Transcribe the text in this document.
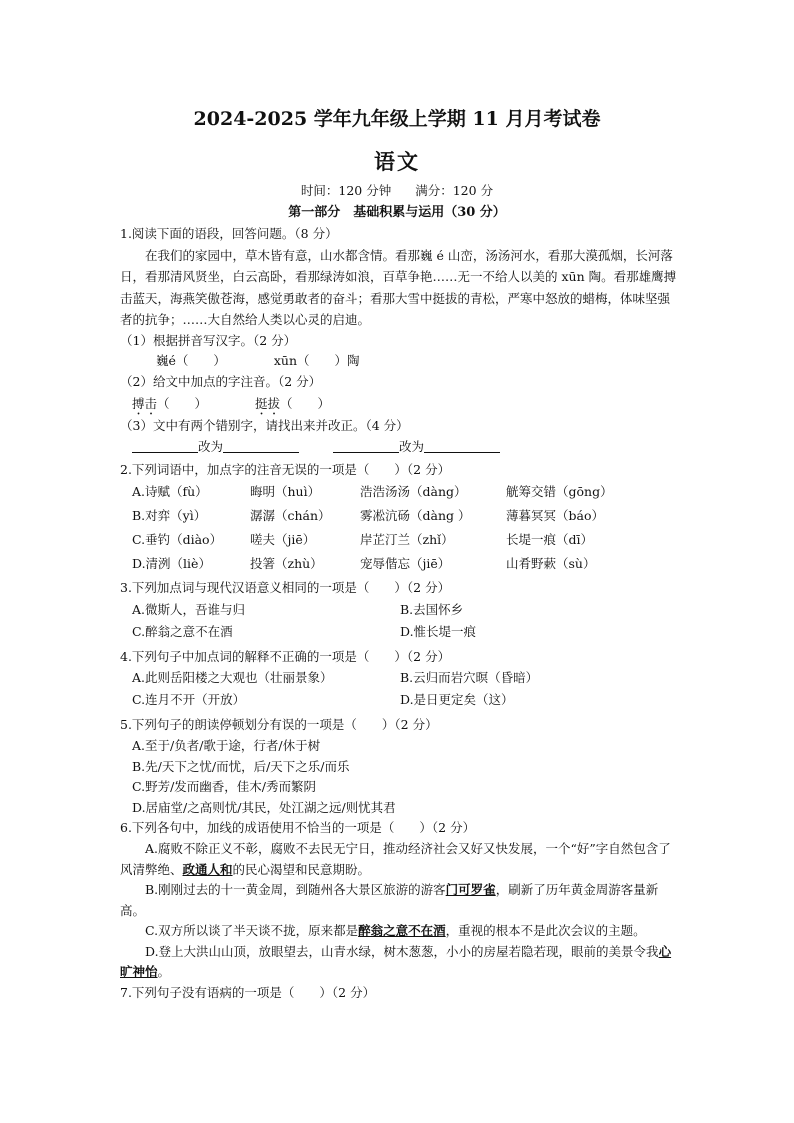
2024-2025 学年九年级上学期 11 月月考试卷
语文
时间：120 分钟 满分：120 分
第一部分　基础积累与运用（30 分）
1.阅读下面的语段，回答问题。（8 分）
在我们的家园中，草木皆有意，山水都含情。看那巍 é 山峦，汤汤河水，看那大漠孤烟，长河落日，看那清风贤坐，白云高卧，看那绿涛如浪，百草争艳……无一不给人以美的 xūn 陶。看那雄鹰搏击蓝天，海燕笑傲苍海，感觉勇敢者的奋斗；看那大雪中挺拔的青松，严寒中怒放的蜡梅，体味坚强者的抗争；……大自然给人类以心灵的启迪。
（1）根据拼音写汉字。（2 分）
巍é（　　）	xūn（　　）陶
（2）给文中加点的字注音。（2 分）
搏击（　　）	挺拔（　　）
（3）文中有两个错别字，请找出来并改正。（4 分）
改为	改为
2.下列词语中，加点字的注音无误的一项是（　　）（2 分）
A.诗赋（fù）	晦明（huì）	浩浩汤汤（dàng）	觥筹交错（gōng）
B.对弈（yì）	潺潺（chán）	雾凇沆砀（dàng ）	薄暮冥冥（báo）
C.垂钓（diào）	嗟夫（jiē）	岸芷汀兰（zhǐ）	长堤一痕（dī）
D.清洌（liè）	投箸（zhù）	宠辱偕忘（jiē）	山肴野蔌（sù）
3.下列加点词与现代汉语意义相同的一项是（　　）（2 分）
A.微斯人，吾谁与归	B.去国怀乡
C.醉翁之意不在酒	D.惟长堤一痕
4.下列句子中加点词的解释不正确的一项是（　　）（2 分）
A.此则岳阳楼之大观也（壮丽景象）	B.云归而岩穴暝（昏暗）
C.连月不开（开放）	D.是日更定矣（这）
5.下列句子的朗读停顿划分有误的一项是（　　）（2 分）
A.至于/负者/歌于途，行者/休于树
B.先/天下之忧/而忧，后/天下之乐/而乐
C.野芳/发而幽香，佳木/秀而繁阴
D.居庙堂/之高则忧/其民，处江湖之远/则忧其君
6.下列各句中，加线的成语使用不恰当的一项是（　　）（2 分）
A.腐败不除正义不彰，腐败不去民无宁日，推动经济社会又好又快发展，一个“好”字自然包含了风清弊绝、政通人和的民心渴望和民意期盼。
B.刚刚过去的十一黄金周，到随州各大景区旅游的游客门可罗雀，刷新了历年黄金周游客量新高。
C.双方所以谈了半天谈不拢，原来都是醉翁之意不在酒，重视的根本不是此次会议的主题。
D.登上大洪山山顶，放眼望去，山青水绿，树木葱葱，小小的房屋若隐若现，眼前的美景令我心旷神怡。
7.下列句子没有语病的一项是（　　）（2 分）
